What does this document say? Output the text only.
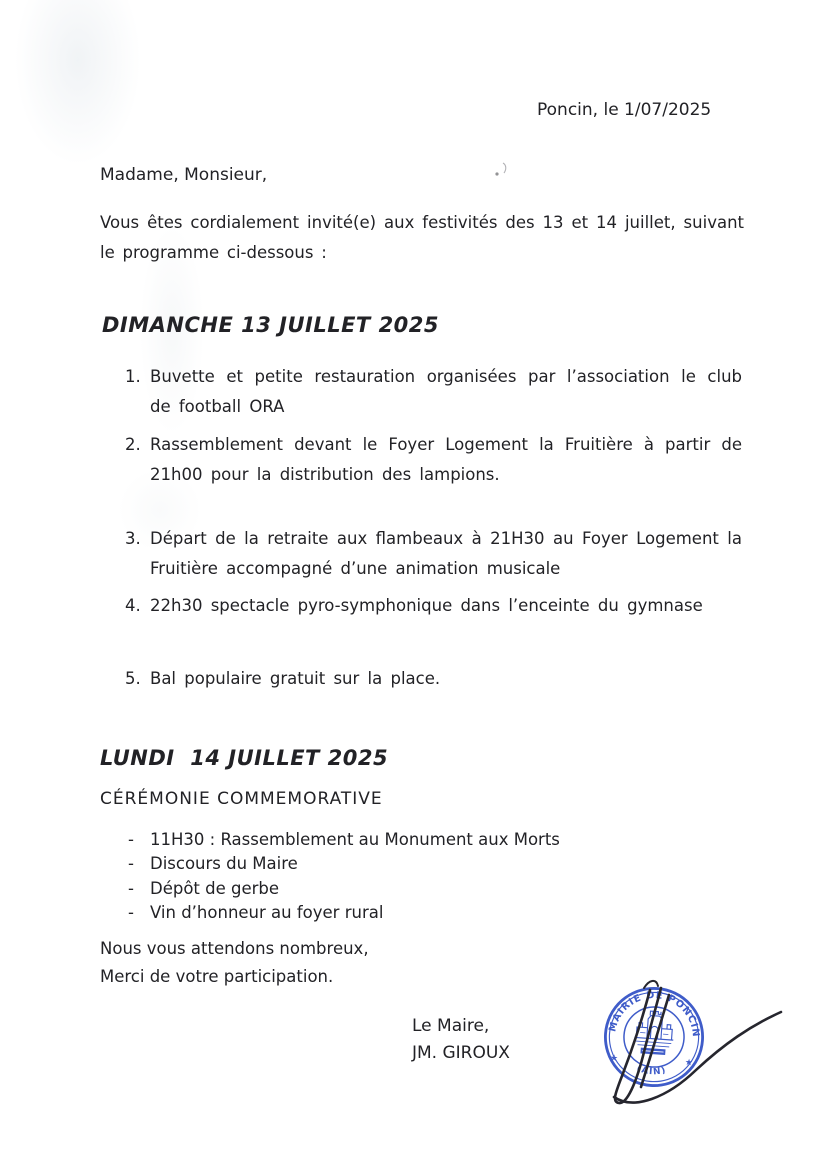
Poncin, le 1/07/2025
Madame, Monsieur,
Vous êtes cordialement invité(e) aux festivités des 13 et 14 juillet, suivant le programme ci-dessous :
DIMANCHE 13 JUILLET 2025
Buvette et petite restauration organisées par l’association le club de football ORA
Rassemblement devant le Foyer Logement la Fruitière à partir de 21h00 pour la distribution des lampions.
Départ de la retraite aux flambeaux à 21H30 au Foyer Logement la Fruitière accompagné d’une animation musicale
22h30 spectacle pyro-symphonique dans l’enceinte du gymnase
Bal populaire gratuit sur la place.
LUNDI  14 JUILLET 2025
CÉRÉMONIE COMMEMORATIVE
- 11H30 : Rassemblement au Monument aux Morts
- Discours du Maire
- Dépôt de gerbe
- Vin d’honneur au foyer rural
Nous vous attendons nombreux,
Merci de votre participation.
Le Maire,
JM. GIROUX
MAIRIE DE PONCIN
(AIN)
★	★
